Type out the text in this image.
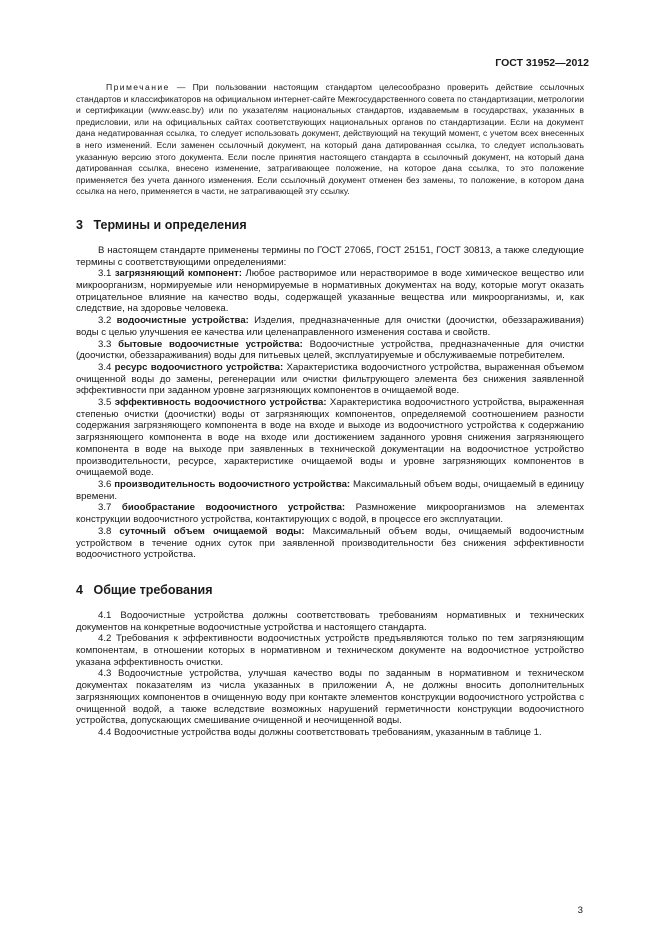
ГОСТ 31952—2012

Примечание — При пользовании настоящим стандартом целесообразно проверить действие ссылочных стандартов и классификаторов на официальном интернет-сайте Межгосударственного совета по стандартизации, метрологии и сертификации (www.easc.by) или по указателям национальных стандартов, издаваемым в государствах, указанных в предисловии, или на официальных сайтах соответствующих национальных органов по стандартизации. Если на документ дана недатированная ссылка, то следует использовать документ, действующий на текущий момент, с учетом всех внесенных в него изменений. Если заменен ссылочный документ, на который дана датированная ссылка, то следует использовать указанную версию этого документа. Если после принятия настоящего стандарта в ссылочный документ, на который дана датированная ссылка, внесено изменение, затрагивающее положение, на которое дана ссылка, то это положение применяется без учета данного изменения. Если ссылочный документ отменен без замены, то положение, в котором дана ссылка на него, применяется в части, не затрагивающей эту ссылку.

3 Термины и определения

В настоящем стандарте применены термины по ГОСТ 27065, ГОСТ 25151, ГОСТ 30813, а также следующие термины с соответствующими определениями:

3.1 загрязняющий компонент: Любое растворимое или нерастворимое в воде химическое вещество или микроорганизм, нормируемые или ненормируемые в нормативных документах на воду, которые могут оказать отрицательное влияние на качество воды, содержащей указанные вещества или микроорганизмы, и, как следствие, на здоровье человека.

3.2 водоочистные устройства: Изделия, предназначенные для очистки (доочистки, обеззараживания) воды с целью улучшения ее качества или целенаправленного изменения состава и свойств.

3.3 бытовые водоочистные устройства: Водоочистные устройства, предназначенные для очистки (доочистки, обеззараживания) воды для питьевых целей, эксплуатируемые и обслуживаемые потребителем.

3.4 ресурс водоочистного устройства: Характеристика водоочистного устройства, выраженная объемом очищенной воды до замены, регенерации или очистки фильтрующего элемента без снижения заявленной эффективности при заданном уровне загрязняющих компонентов в очищаемой воде.

3.5 эффективность водоочистного устройства: Характеристика водоочистного устройства, выраженная степенью очистки (доочистки) воды от загрязняющих компонентов, определяемой соотношением разности содержания загрязняющего компонента в воде на входе и выходе из водоочистного устройства к содержанию загрязняющего компонента в воде на входе или достижением заданного уровня снижения загрязняющего компонента в воде на выходе при заявленных в технической документации на водоочистное устройство производительности, ресурсе, характеристике очищаемой воды и уровне загрязняющих компонентов в очищаемой воде.

3.6 производительность водоочистного устройства: Максимальный объем воды, очищаемый в единицу времени.

3.7 биообрастание водоочистного устройства: Размножение микроорганизмов на элементах конструкции водоочистного устройства, контактирующих с водой, в процессе его эксплуатации.

3.8 суточный объем очищаемой воды: Максимальный объем воды, очищаемый водоочистным устройством в течение одних суток при заявленной производительности без снижения эффективности водоочистного устройства.

4 Общие требования

4.1 Водоочистные устройства должны соответствовать требованиям нормативных и технических документов на конкретные водоочистные устройства и настоящего стандарта.

4.2 Требования к эффективности водоочистных устройств предъявляются только по тем загрязняющим компонентам, в отношении которых в нормативном и техническом документе на водоочистное устройство указана эффективность очистки.

4.3 Водоочистные устройства, улучшая качество воды по заданным в нормативном и техническом документах показателям из числа указанных в приложении А, не должны вносить дополнительных загрязняющих компонентов в очищенную воду при контакте элементов конструкции водоочистного устройства с очищенной водой, а также вследствие возможных нарушений герметичности конструкции водоочистного устройства, допускающих смешивание очищенной и неочищенной воды.

4.4 Водоочистные устройства воды должны соответствовать требованиям, указанным в таблице 1.

3
